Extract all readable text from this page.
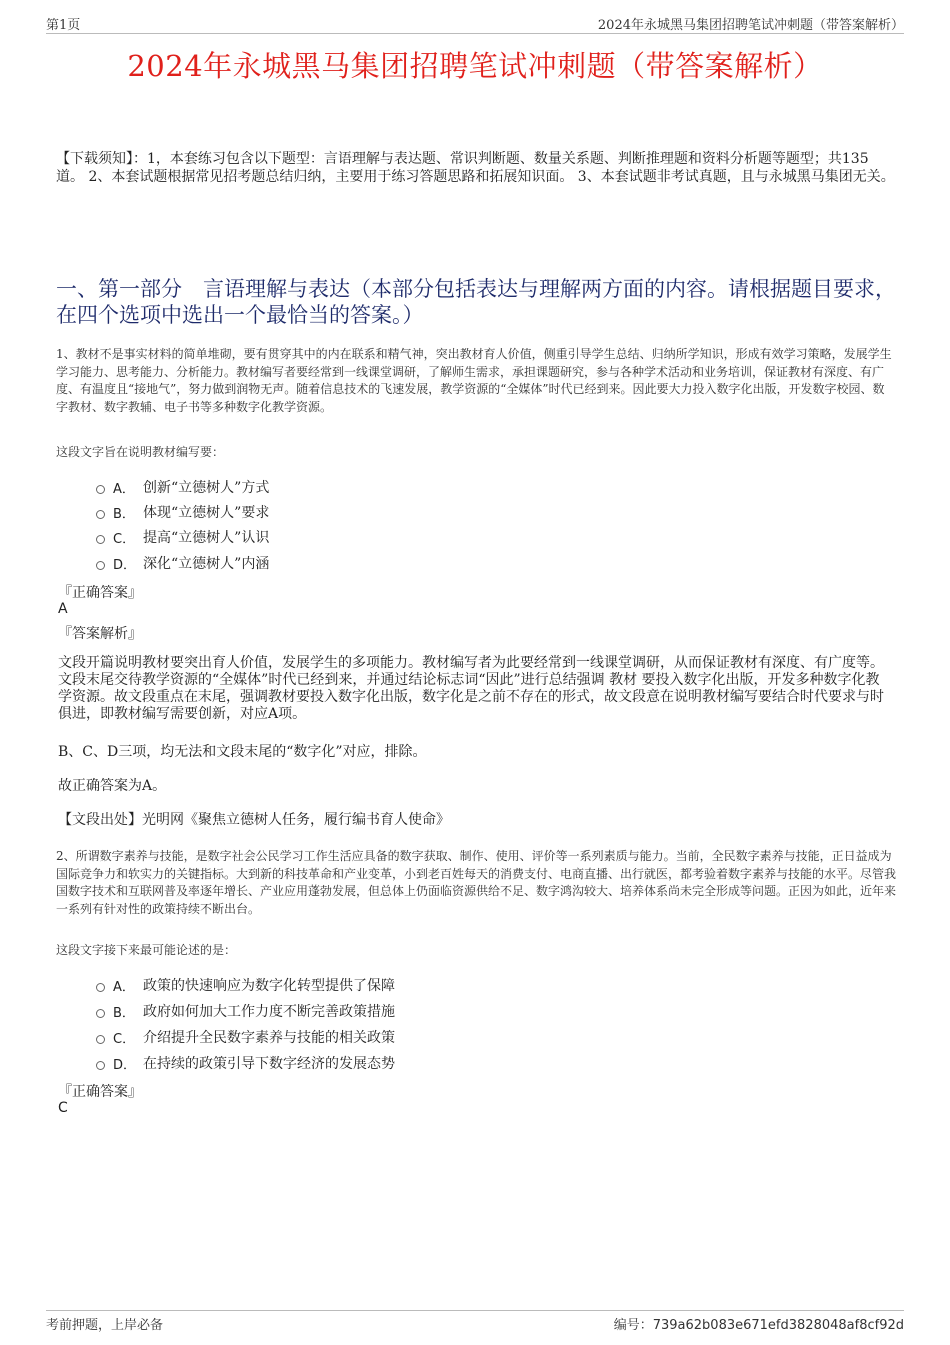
第1页	2024年永城黑马集团招聘笔试冲刺题（带答案解析）
2024年永城黑马集团招聘笔试冲刺题（带答案解析）
【下载须知】：1，本套练习包含以下题型：言语理解与表达题、常识判断题、数量关系题、判断推理题和资料分析题等题型；共135道。 2、本套试题根据常见招考题总结归纳，主要用于练习答题思路和拓展知识面。 3、本套试题非考试真题，且与永城黑马集团无关。
一、第一部分　言语理解与表达（本部分包括表达与理解两方面的内容。请根据题目要求，在四个选项中选出一个最恰当的答案。）
1、教材不是事实材料的简单堆砌，要有贯穿其中的内在联系和精气神，突出教材育人价值，侧重引导学生总结、归纳所学知识，形成有效学习策略，发展学生学习能力、思考能力、分析能力。教材编写者要经常到一线课堂调研，了解师生需求，承担课题研究，参与各种学术活动和业务培训，保证教材有深度、有广度、有温度且“接地气”，努力做到润物无声。随着信息技术的飞速发展，教学资源的“全媒体”时代已经到来。因此要大力投入数字化出版，开发数字校园、数字教材、数字教辅、电子书等多种数字化教学资源。
这段文字旨在说明教材编写要：
A． 创新“立德树人”方式
B． 体现“立德树人”要求
C． 提高“立德树人”认识
D． 深化“立德树人”内涵
『正确答案』
A
『答案解析』
文段开篇说明教材要突出育人价值，发展学生的多项能力。教材编写者为此要经常到一线课堂调研，从而保证教材有深度、有广度等。文段末尾交待教学资源的“全媒体”时代已经到来，并通过结论标志词“因此”进行总结强调 教材 要投入数字化出版，开发多种数字化教学资源。故文段重点在末尾，强调教材要投入数字化出版，数字化是之前不存在的形式，故文段意在说明教材编写要结合时代要求与时俱进，即教材编写需要创新，对应A项。
B、C、D三项，均无法和文段末尾的“数字化”对应，排除。
故正确答案为A。
【文段出处】光明网《聚焦立德树人任务，履行编书育人使命》
2、所谓数字素养与技能，是数字社会公民学习工作生活应具备的数字获取、制作、使用、评价等一系列素质与能力。当前，全民数字素养与技能，正日益成为国际竞争力和软实力的关键指标。大到新的科技革命和产业变革，小到老百姓每天的消费支付、电商直播、出行就医，都考验着数字素养与技能的水平。尽管我国数字技术和互联网普及率逐年增长、产业应用蓬勃发展，但总体上仍面临资源供给不足、数字鸿沟较大、培养体系尚未完全形成等问题。正因为如此，近年来一系列有针对性的政策持续不断出台。
这段文字接下来最可能论述的是：
A． 政策的快速响应为数字化转型提供了保障
B． 政府如何加大工作力度不断完善政策措施
C． 介绍提升全民数字素养与技能的相关政策
D． 在持续的政策引导下数字经济的发展态势
『正确答案』
C
考前押题，上岸必备	编号：739a62b083e671efd3828048af8cf92d
